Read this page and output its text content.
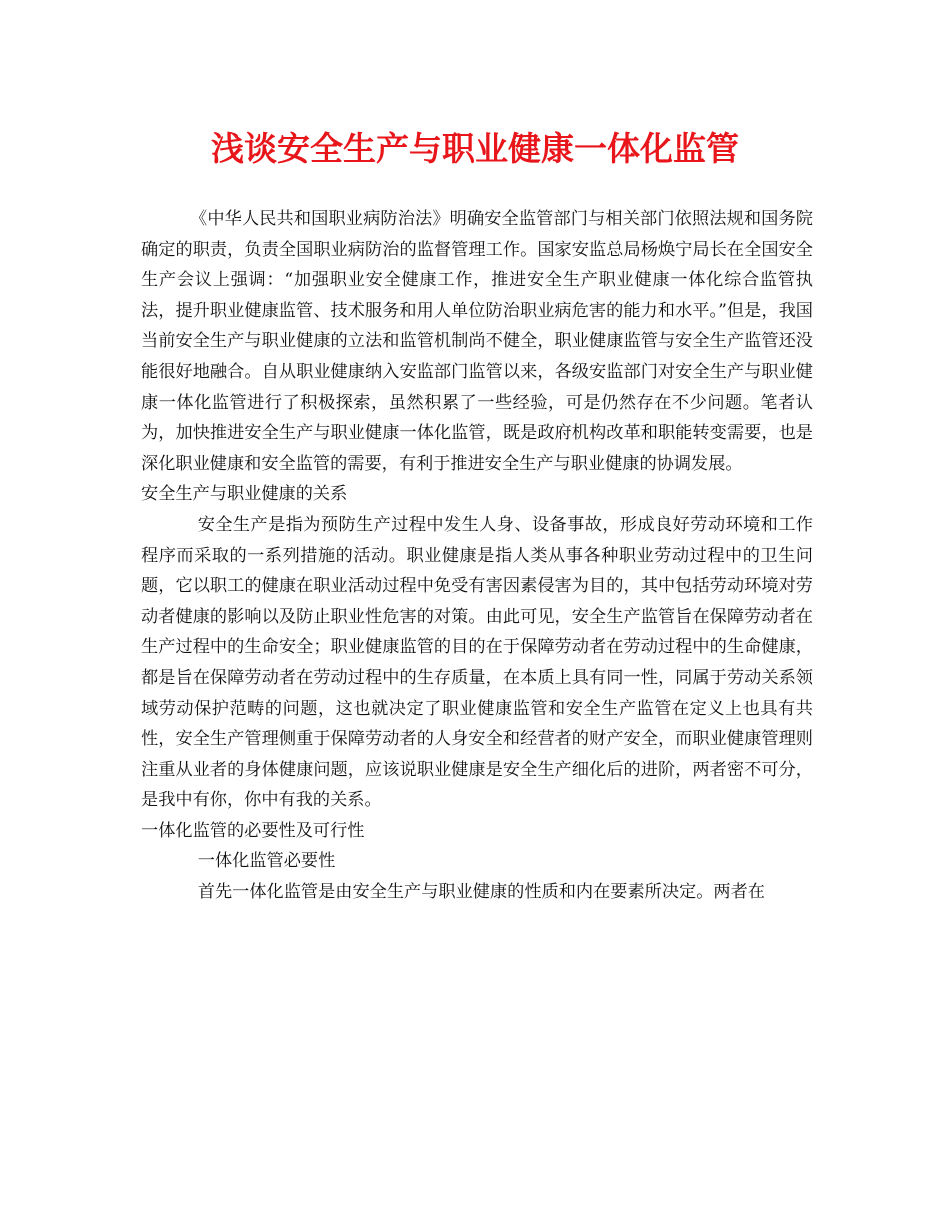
浅谈安全生产与职业健康一体化监管

《中华人民共和国职业病防治法》明确安全监管部门与相关部门依照法规和国务院确定的职责，负责全国职业病防治的监督管理工作。国家安监总局杨焕宁局长在全国安全生产会议上强调：“加强职业安全健康工作，推进安全生产职业健康一体化综合监管执法，提升职业健康监管、技术服务和用人单位防治职业病危害的能力和水平。”但是，我国当前安全生产与职业健康的立法和监管机制尚不健全，职业健康监管与安全生产监管还没能很好地融合。自从职业健康纳入安监部门监管以来，各级安监部门对安全生产与职业健康一体化监管进行了积极探索，虽然积累了一些经验，可是仍然存在不少问题。笔者认为，加快推进安全生产与职业健康一体化监管，既是政府机构改革和职能转变需要，也是深化职业健康和安全监管的需要，有利于推进安全生产与职业健康的协调发展。

安全生产与职业健康的关系

安全生产是指为预防生产过程中发生人身、设备事故，形成良好劳动环境和工作程序而采取的一系列措施的活动。职业健康是指人类从事各种职业劳动过程中的卫生问题，它以职工的健康在职业活动过程中免受有害因素侵害为目的，其中包括劳动环境对劳动者健康的影响以及防止职业性危害的对策。由此可见，安全生产监管旨在保障劳动者在生产过程中的生命安全；职业健康监管的目的在于保障劳动者在劳动过程中的生命健康，都是旨在保障劳动者在劳动过程中的生存质量，在本质上具有同一性，同属于劳动关系领域劳动保护范畴的问题，这也就决定了职业健康监管和安全生产监管在定义上也具有共性，安全生产管理侧重于保障劳动者的人身安全和经营者的财产安全，而职业健康管理则注重从业者的身体健康问题，应该说职业健康是安全生产细化后的进阶，两者密不可分，是我中有你，你中有我的关系。

一体化监管的必要性及可行性

一体化监管必要性

首先一体化监管是由安全生产与职业健康的性质和内在要素所决定。两者在
